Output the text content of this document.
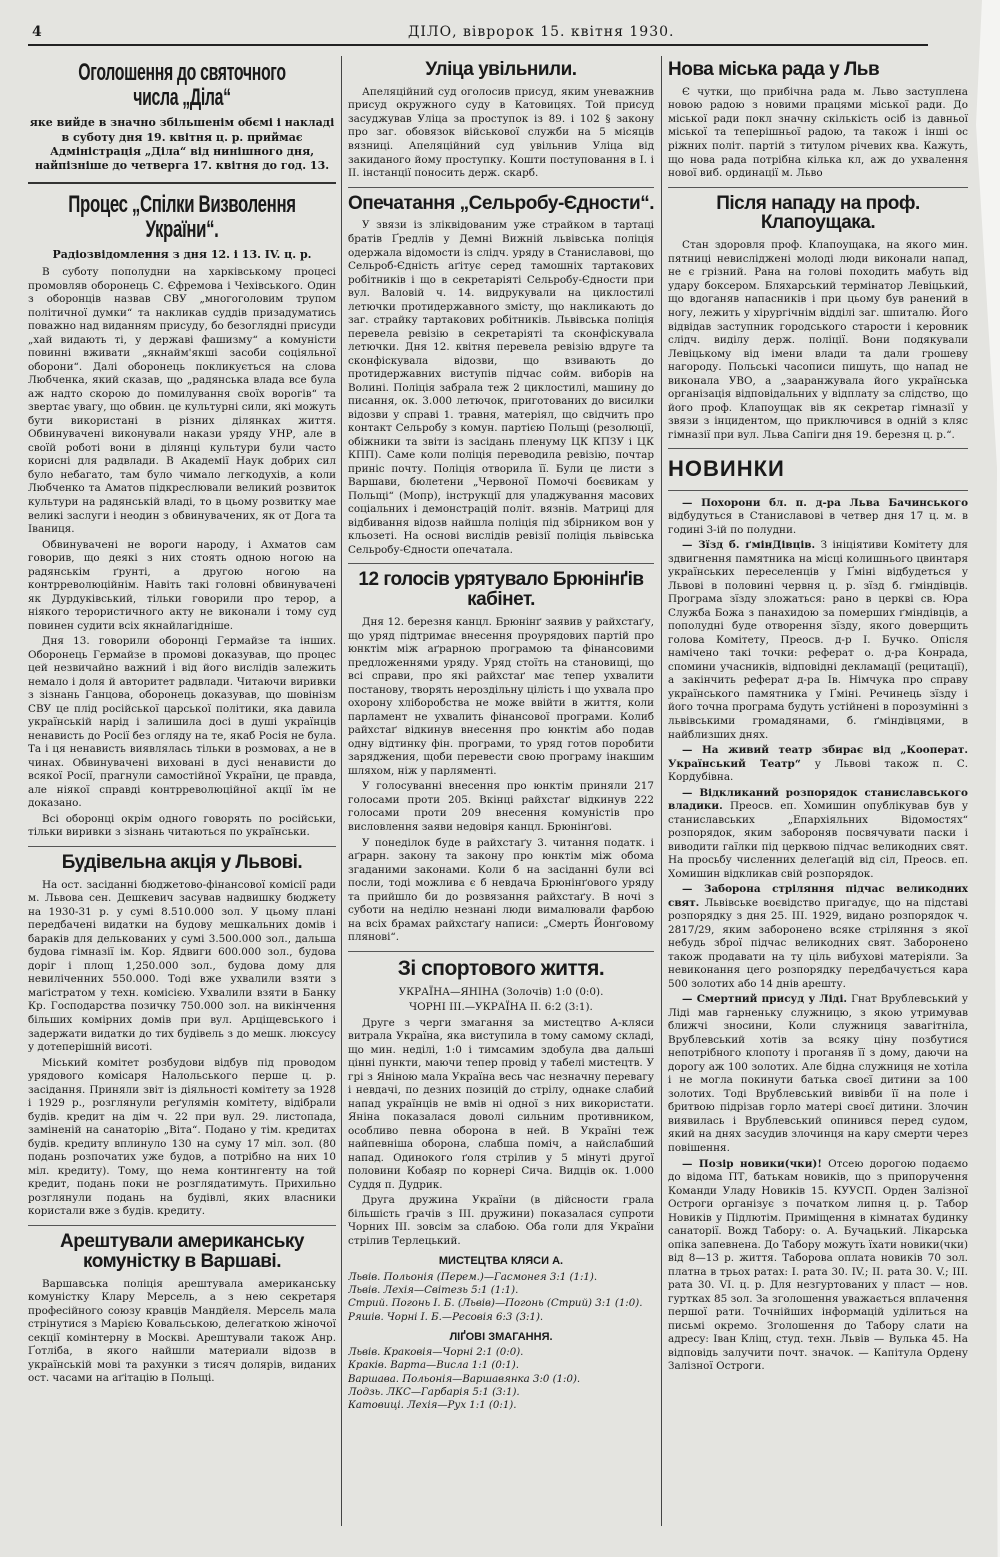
4	ДІЛО, вівророк 15. квітня 1930.
Оголошення до святочного числа „Діла“
яке вийде в значно збільшенім обємі і накладі в суботу дня 19. квітня ц. р. приймає Адміністрація „Діла“ від нинішного дня, найпізніше до четверга 17. квітня до год. 13.
Процес „Спілки Визволення України“.
Радіозвідомлення з дня 12. і 13. IV. ц. р.

В суботу пополудни на харківському процесі промовляв оборонець С. Єфремова і Чехівського. Один з оборонців назвав СВУ „многоголовим трупом політичної думки“ та накликав суддів призадуматись поважно над виданням присуду, бо безоглядні присуди „хай видають ті, у державі фашизму“ а комуністи повинні вживати „якнайм'якші засоби соціяльної оборони“. Далі оборонець покликується на слова Любченка, який сказав, що „радянська влада все була аж надто скорою до помилування своїх ворогів“ та звертає увагу, що обвин. це культурні сили, які можуть бути використані в різних ділянках життя. Обвинувачені виконували накази уряду УНР, але в своїй роботі вони в ділянці культури були часто корисні для радвлади. В Академії Наук добрих сил було небагато, там було чимало легкодухів, а коли Любченко та Аматов підкреслювали великий розвиток культури на радянській владі, то в цьому розвитку мае великі заслуги і неодин з обвинувачених, як от Дога та Іваниця.

Обвинувачені не вороги народу, і Ахматов сам говорив, що деякі з них стоять одною ногою на радянськім ґрунті, а другою ногою на контрреволюційнім. Навіть такі головні обвинувачені як Дурдуківський, тільки говорили про терор, а ніякого терористичного акту не виконали і тому суд повинен судити всіх якнайлагідніше.

Дня 13. говорили оборонці Гермайзе та інших. Оборонець Гермайзе в промові доказував, що процес цей незвичайно важний і від його вислідів залежить немало і доля й авторитет радвлади. Читаючи виривки з зізнань Ганцова, оборонець доказував, що шовінізм СВУ це плід російської царської політики, яка давила українській нарід і залишила досі в душі українців ненависть до Росії без огляду на те, якаб Росія не була. Та і ця ненависть виявлялась тільки в розмовах, а не в чинах. Обвинувачені виховані в дусі ненависти до всякої Росії, прагнули самостійної України, це правда, але ніякої справді контрреволюційної акції їм не доказано.

Всі оборонці окрім одного говорять по російськи, тільки виривки з зізнань читаються по українськи.

Будівельна акція у Львові.

На ост. засіданні бюджетово-фінансової комісії ради м. Львова сен. Дешкевич засував надвишку бюджету на 1930-31 р. у сумі 8.510.000 зол. У цьому плані передбачені видатки на будову мешкальних домів і бараків для делькованих у сумі 3.500.000 зол., дальша будова гімназії ім. Кор. Ядвиги 600.000 зол., будова доріг і площ 1,250.000 зол., будова дому для невиліченних 550.000. Тоді вже ухвалили взяти з маґістратом у техн. комісією. Ухвалили взяти в Банку Кр. Господарства позичку 750.000 зол. на викінчення більших комірних домів при вул. Арціщевського і задержати видатки до тих будівель з до мешк. люксусу у дотеперішній висоті.

Міський комітет розбудови відбув під проводом урядового комісаря Налольського перше ц. р. засідання. Приняли звіт із діяльності комітету за 1928 і 1929 р., розглянули реґулямін комітету, відібрали будів. кредит на дім ч. 22 при вул. 29. листопада, заміненій на санаторію „Віта“. Подано у тім. кредитах будів. кредиту вплинуло 130 на суму 17 міл. зол. (80 подань розпочатих уже будов, а потрібно на них 10 міл. кредиту). Тому, що нема контингенту на той кредит, подань поки не розглядатимуть. Прихильно розглянули подань на будівлі, яких власники користали вже з будів. кредиту.

Арештували американську комуністку в Варшаві.

Варшавська поліція арештувала американську комуністку Клару Мерсель, а з нею секретаря професійного союзу кравців Мандйеля. Мерсель мала стрінутися з Марією Ковальською, делегаткою жіночої секції комінтерну в Москві. Арештували також Анр. Ґотліба, в якого найшли материали відозв в українській мові та рахунки з тисяч долярів, виданих ост. часами на аґітацію в Польщі.

Уліца увільнили.

Апеляційний суд оголосив присуд, яким уневажнив присуд окружного суду в Катовицях. Той присуд засуджував Уліца за проступок із 89. і 102 § закону про заг. обовязок військової служби на 5 місяців вязниці. Апеляційний суд увільнив Уліца від закиданого йому проступку. Кошти поступовання в І. і ІІ. інстанції поносить держ. скарб.

Опечатання „Сельробу-Єдности“.

У звязи із зліквідованим уже страйком в тартаці братів Ґредлів у Демні Вижній львівська поліція одержала відомости із слідч. уряду в Станиславові, що Сельроб-Єдність аґітує серед тамошніх тартакових робітників і що в секретаріяті Сельробу-Єдности при вул. Валовій ч. 14. видрукували на циклостилі летючки протидержавного змісту, що накликають до заг. страйку тартакових робітників. Львівська поліція перевела ревізію в секретаріяті та сконфіскувала летючки. Дня 12. квітня перевела ревізію вдруге та сконфіскувала відозви, що взивають до протидержавних виступів підчас сойм. виборів на Волині. Поліція забрала теж 2 циклостилі, машину до писання, ок. 3.000 летючок, приготованих до висилки відозви у справі 1. травня, матеріял, що свідчить про контакт Сельробу з комун. партією Польщі (резолюції, обіжники та звіти із засідань пленуму ЦК КПЗУ і ЦК КПП). Саме коли поліція переводила ревізію, почтар приніс почту. Поліція отворила її. Були це листи з Варшави, бюлетени „Червоної Помочі боєвикам у Польщі“ (Мопр), інструкції для уладжування масових соціальних і демонстрацій політ. вязнів. Матриці для відбивання відозв найшла поліція під збірником вон у кльозеті. На основі вислідів ревізії поліція львівська Сельробу-Єдности опечатала.

12 голосів урятувало Брюнінґів кабінет.

Дня 12. березня канцл. Брюнінґ заявив у райхстаґу, що уряд підтримає внесення проурядових партій про юнктім між аґрарною програмою та фінансовими предложеннями уряду. Уряд стоїть на становищі, що всі справи, про які райхстаґ має тепер ухвалити постанову, творять нероздільну цілість і що ухвала про охорону хліборобства не може ввійти в життя, коли парламент не ухвалить фінансової програми. Колиб райхстаґ відкинув внесення про юнктім або подав одну відтинку фін. програми, то уряд готов поробити заряджения, щоби перевести свою програму інакшим шляхом, ніж у парляменті.

У голосуванні внесення про юнктім приняли 217 голосами проти 205. Вкінці райхстаґ відкинув 222 голосами проти 209 внесення комуністів про висловлення заяви недовіря канцл. Брюнінґові.

У понеділок буде в райхстаґу 3. читання податк. і аґрарн. закону та закону про юнктім між обома згаданими законами. Коли б на засіданні були всі посли, тоді можлива є б невдача Брюнінґового уряду та прийшло би до розвязання райхстаґу. В ночі з суботи на неділю незнані люди вималювали фарбою на всіх брамах райхстаґу написи: „Смерть Йонґовому пляновi“.

Зі спортового життя.

УКРАЇНА—ЯНІНА (Золочів) 1:0 (0:0).

ЧОРНІ ІІІ.—УКРАЇНА ІІ. 6:2 (3:1).

Друге з черги змагання за мистецтво А-кляси витрала Україна, яка виступила в тому самому складі, що мин. неділі, 1:0 і тимсамим здобула два дальші цінні пункти, маючи тепер провід у табелі мистецтв. У грі з Яніною мала Україна весь час незначну перевагу і невдачі, по дезних позицій до стрілу, однакe слабий напад українців не вмів ні одної з них використати. Яніна показалася доволі сильним противником, особливо певна оборона в ней. В Україні теж найпевніша оборона, слабша поміч, а найслабший напад. Одинокого ґоля стрілив у 5 мінуті другої половини Кобаяр по корнері Сича. Видців ок. 1.000 Суддя п. Дудрик.

Друга дружина України (в дійсности грала більшість ґрачів з ІІІ. дружини) показалася супроти Чорних ІІІ. зовсім за слабою. Оба голи для України стрілив Терлецький.

МИСТЕЦТВА КЛЯСИ А.

Львів. Польонія (Перем.)—Гасмонея 3:1 (1:1).

Львів. Лехія—Світезь 5:1 (1:1).

Стрий. Погонь І. Б. (Львів)—Погонь (Стрий) 3:1 (1:0).

Ряшів. Чорні І. Б.—Ресовія 6:3 (3:1).

ЛІҐОВІ ЗМАГАННЯ.

Львів. Краковія—Чорні 2:1 (0:0).

Краків. Варта—Висла 1:1 (0:1).

Варшава. Польонія—Варшавянка 3:0 (1:0).

Лодзь. ЛКС—Гарбарія 5:1 (3:1).

Катовиці. Лехія—Рух 1:1 (0:1).

Нова міська рада у Льв

Є чутки, що прибічна рада м. Льво заступлена новою радою з новими працями міської ради. До міської ради покл значну скількість осіб із давньої міської та теперішньої радою, та також і інші ос ріжних політ. партій з титулом річевих ква. Кажуть, що нова рада потрібна кілька кл, аж до ухвалення нової виб. ординації м. Льво

Після нападу на проф. Клапоущака.

Стан здоровля проф. Клапоущака, на якого мин. пятниці невислідженi молоді люди виконали напад, не є грізний. Рана на голові походить мабуть від удару боксером. Бляхарський термінатор Левіцький, що вдоганяв напасників і при цьому був ранений в ногу, лежить у хірургічнім відділі заг. шпиталю. Його відвідав заступник городського старости і керовник слідч. виділу держ. поліції. Вони подякували Левіцькому від імени влади та дали грошеву нагороду. Польські часописи пишуть, що напад не виконала УВО, а „заарaнжувала його українська організація відповідальних у відплату за слідство, що його проф. Клапоущак вів як секретар гімназії у звязи з інцидентом, що приключився в одній з кляс гімназії при вул. Льва Сапіги дня 19. березня ц. р.“.

НОВИНКИ

— Похорони бл. п. д-ра Льва Бачинського відбудуться в Станиславові в четвер дня 17 ц. м. в годині 3-ій по полудни.

— Зїзд б. ґмінДівців. З ініціятиви Комітету для здвигнення памятника на місці колишнього цвинтаря українських переселенців у Ґміні відбудеться у Львові в половині червня ц. р. зїзд б. ґміндівців. Програма зїзду зложаться: рано в церкві св. Юра Служба Божа з панахидою за померших ґміндівців, а пополудні буде отворення зїзду, якого доверщить голова Комітету, Преосв. д-р І. Бучко. Опісля наміченo такі точки: реферат о. д-ра Конрада, спомини учасників, відповідні декламації (рецитації), а закінчить реферат д-ра Ів. Німчука про справу українського памятника у Ґміні. Речинець зїзду і його точна програма будуть устійнені в порозумінні з львівськими громадянами, б. ґміндівцями, в найблизших днях.

— На живий театр збирає від „Кооперат. Український Театр“ у Львові також п. С. Кордубівна.

— Відкликаний розпорядок станиславського владики. Преосв. еп. Хомишин опублікував був у станиславських „Епархіяльних Відомостях“ розпорядок, яким забороняв посвячувати паски і виводити гаїлки під церквою підчас великодних свят. На просьбу численних делеґацій від сіл, Преосв. еп. Хомишин відкликав свій розпорядок.

— Заборона стріляння підчас великодних свят. Львівське воєвідство пригадує, що на підставі розпорядку з дня 25. III. 1929, видано розпорядок ч. 2817/29, яким заборонено всяке стріляння з якої небудь зброї підчас великодних свят. Заборонено також продавати на ту ціль вибухові матеріяли. За невиконання цего розпорядку передбачується кара 500 золотих або 14 днів арешту.

— Смертний присуд у Ліді. Гнат Врублевський у Ліді мав гарненьку служницю, з якою утримував ближчі зносини, Коли служниця завагітніла, Врублевський хотів за всяку ціну позбутися непотрібного клопоту і проганяв її з дому, даючи на дорогу аж 100 золотих. Але бідна служниця не хотіла і не могла покинути батька своєї дитини за 100 золотих. Тоді Врублевський вивівби її на поле і бритвою підрізав горло матері своєї дитини. Злочин виявилась і Врублевський опинився перед судом, який на днях засудив злочинця на кару смерти через повішення.

— Позір новики(чки)! Отсею дорогою подаємо до відома ПТ, батькам новиків, що з припоручення Команди Уладу Новиків 15. КУУСП. Орден Залізної Остроги організує з початком липня ц. р. Табор Новиків у Підлютім. Приміщення в кімнатах будинку санаторії. Вожд Табору: о. А. Бучацький. Лікарська опіка запевнена. До Табору можуть їхати новики(чки) від 8—13 р. життя. Таборова оплата новиків 70 зол. платна в трьох ратах: І. рата 30. IV.; ІІ. рата 30. V.; ІІІ. рата 30. VI. ц. р. Для незгуртованих у пласт — нов. гуртках 85 зол. За зголошення уважається вплачення першої рати. Точнійших інформацій уділиться на письмі окремо. Зголошення до Табору слати на адресу: Іван Кліщ, студ. техн. Львів — Вулька 45. На відповідь залучити почт. значок. — Капітула Ордену Залізної Остроги.
